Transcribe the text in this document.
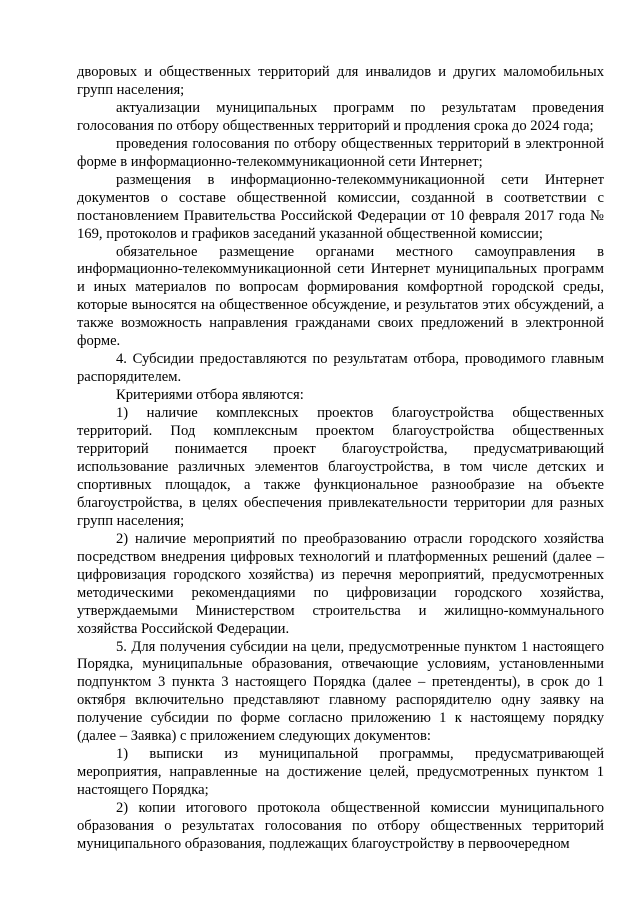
дворовых и общественных территорий для инвалидов и других маломобильных групп населения;

актуализации муниципальных программ по результатам проведения голосования по отбору общественных территорий и продления срока до 2024 года;

проведения голосования по отбору общественных территорий в электронной форме в информационно-телекоммуникационной сети Интернет;

размещения в информационно-телекоммуникационной сети Интернет документов о составе общественной комиссии, созданной в соответствии с постановлением Правительства Российской Федерации от 10 февраля 2017 года № 169, протоколов и графиков заседаний указанной общественной комиссии;

обязательное размещение органами местного самоуправления в информационно-телекоммуникационной сети Интернет муниципальных программ и иных материалов по вопросам формирования комфортной городской среды, которые выносятся на общественное обсуждение, и результатов этих обсуждений, а также возможность направления гражданами своих предложений в электронной форме.

4. Субсидии предоставляются по результатам отбора, проводимого главным распорядителем.

Критериями отбора являются:

1) наличие комплексных проектов благоустройства общественных территорий. Под комплексным проектом благоустройства общественных территорий понимается проект благоустройства, предусматривающий использование различных элементов благоустройства, в том числе детских и спортивных площадок, а также функциональное разнообразие на объекте благоустройства, в целях обеспечения привлекательности территории для разных групп населения;

2) наличие мероприятий по преобразованию отрасли городского хозяйства посредством внедрения цифровых технологий и платформенных решений (далее – цифровизация городского хозяйства) из перечня мероприятий, предусмотренных методическими рекомендациями по цифровизации городского хозяйства, утверждаемыми Министерством строительства и жилищно-коммунального хозяйства Российской Федерации.

5. Для получения субсидии на цели, предусмотренные пунктом 1 настоящего Порядка, муниципальные образования, отвечающие условиям, установленными подпунктом 3 пункта 3 настоящего Порядка (далее – претенденты), в срок до 1 октября включительно представляют главному распорядителю одну заявку на получение субсидии по форме согласно приложению 1 к настоящему порядку (далее – Заявка) с приложением следующих документов:

1) выписки из муниципальной программы, предусматривающей мероприятия, направленные на достижение целей, предусмотренных пунктом 1 настоящего Порядка;

2) копии итогового протокола общественной комиссии муниципального образования о результатах голосования по отбору общественных территорий муниципального образования, подлежащих благоустройству в первоочередном
